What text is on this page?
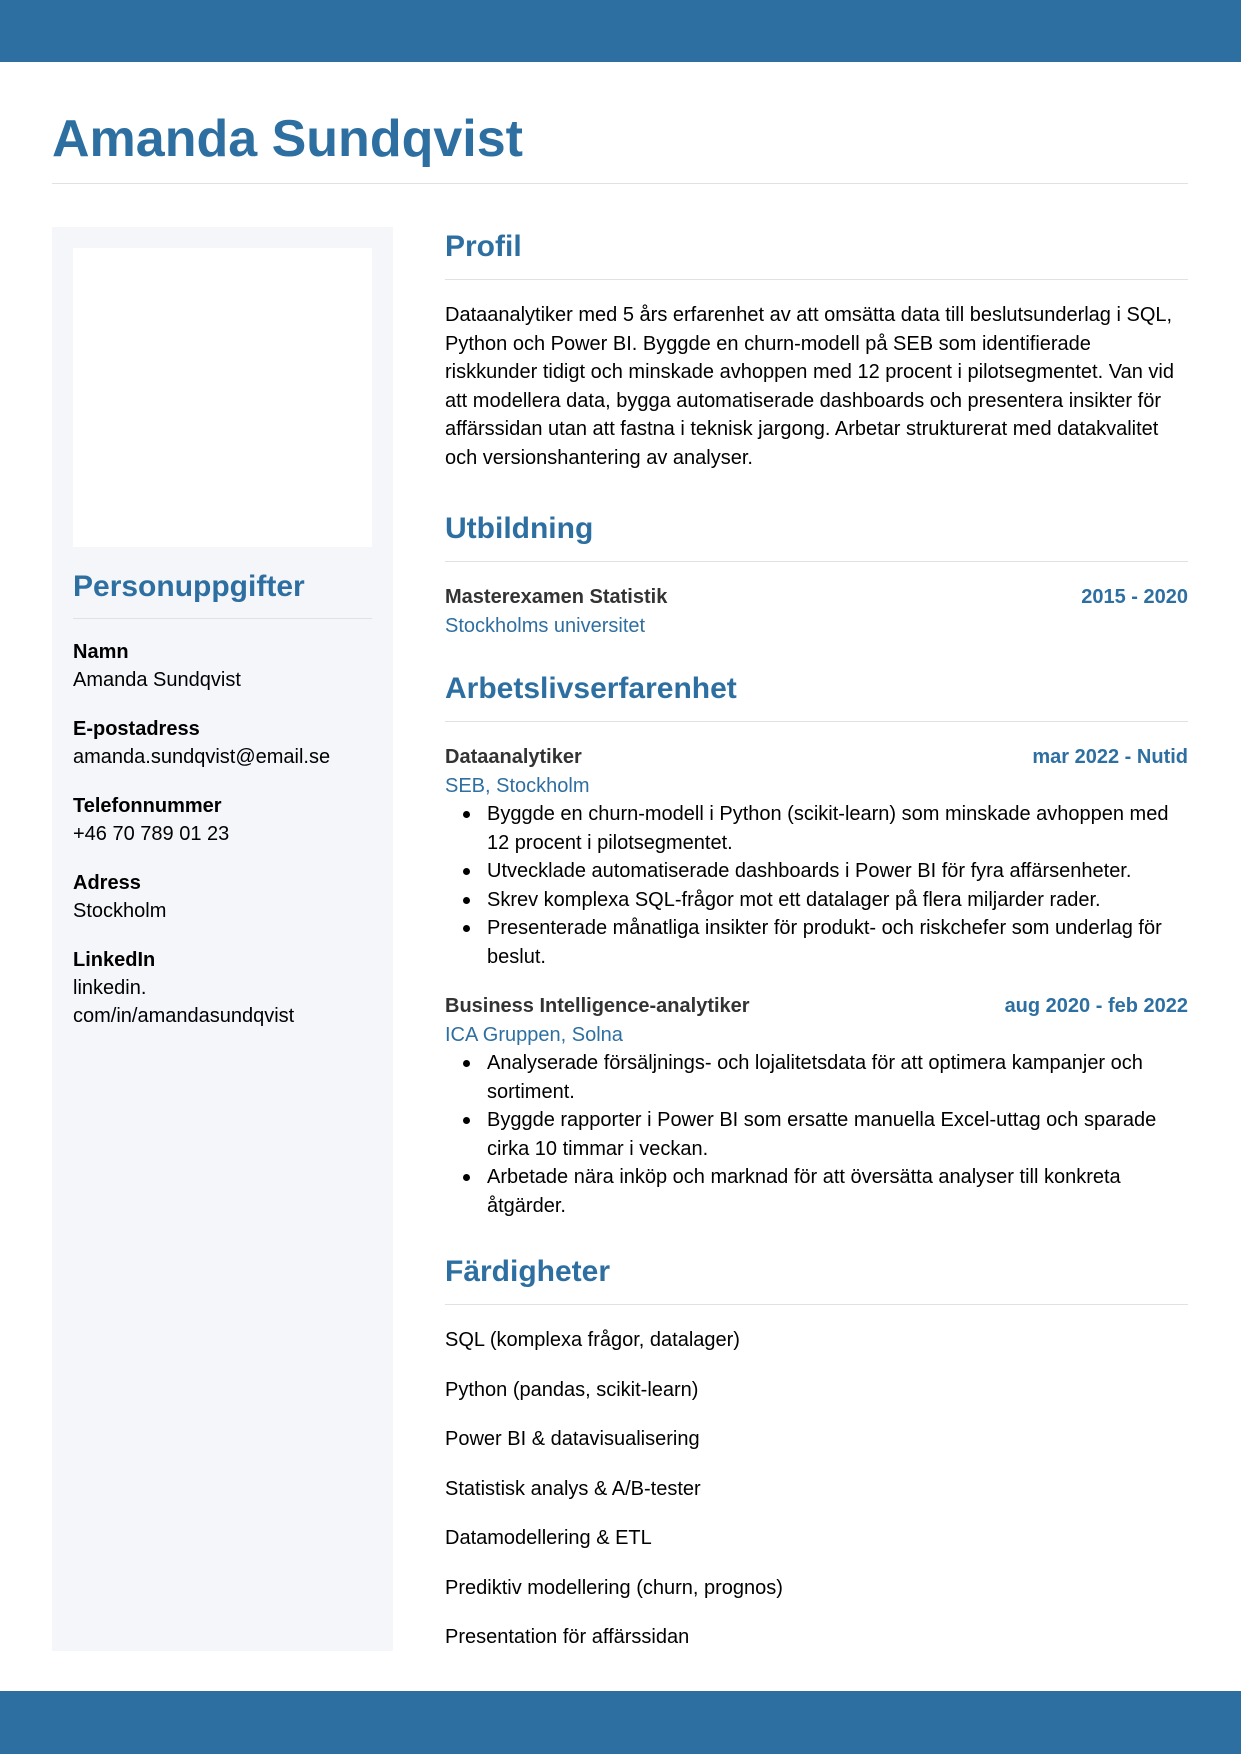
Amanda Sundqvist
Personuppgifter
Namn
Amanda Sundqvist
E-postadress
amanda.sundqvist@email.se
Telefonnummer
+46 70 789 01 23
Adress
Stockholm
LinkedIn
linkedin.
com/in/amandasundqvist
Profil

Dataanalytiker med 5 års erfarenhet av att omsätta data till beslutsunderlag i SQL, Python och Power BI. Byggde en churn-modell på SEB som identifierade riskkunder tidigt och minskade avhoppen med 12 procent i pilotsegmentet. Van vid att modellera data, bygga automatiserade dashboards och presentera insikter för affärssidan utan att fastna i teknisk jargong. Arbetar strukturerat med datakvalitet och versionshantering av analyser.

Utbildning
Masterexamen Statistik	2015 - 2020
Stockholms universitet
Arbetslivserfarenhet
Dataanalytiker	mar 2022 - Nutid
SEB, Stockholm
Byggde en churn-modell i Python (scikit-learn) som minskade avhoppen med 12 procent i pilotsegmentet.
Utvecklade automatiserade dashboards i Power BI för fyra affärsenheter.
Skrev komplexa SQL-frågor mot ett datalager på flera miljarder rader.
Presenterade månatliga insikter för produkt- och riskchefer som underlag för beslut.
Business Intelligence-analytiker	aug 2020 - feb 2022
ICA Gruppen, Solna
Analyserade försäljnings- och lojalitetsdata för att optimera kampanjer och sortiment.
Byggde rapporter i Power BI som ersatte manuella Excel-uttag och sparade cirka 10 timmar i veckan.
Arbetade nära inköp och marknad för att översätta analyser till konkreta åtgärder.
Färdigheter
SQL (komplexa frågor, datalager)
Python (pandas, scikit-learn)
Power BI & datavisualisering
Statistisk analys & A/B-tester
Datamodellering & ETL
Prediktiv modellering (churn, prognos)
Presentation för affärssidan
